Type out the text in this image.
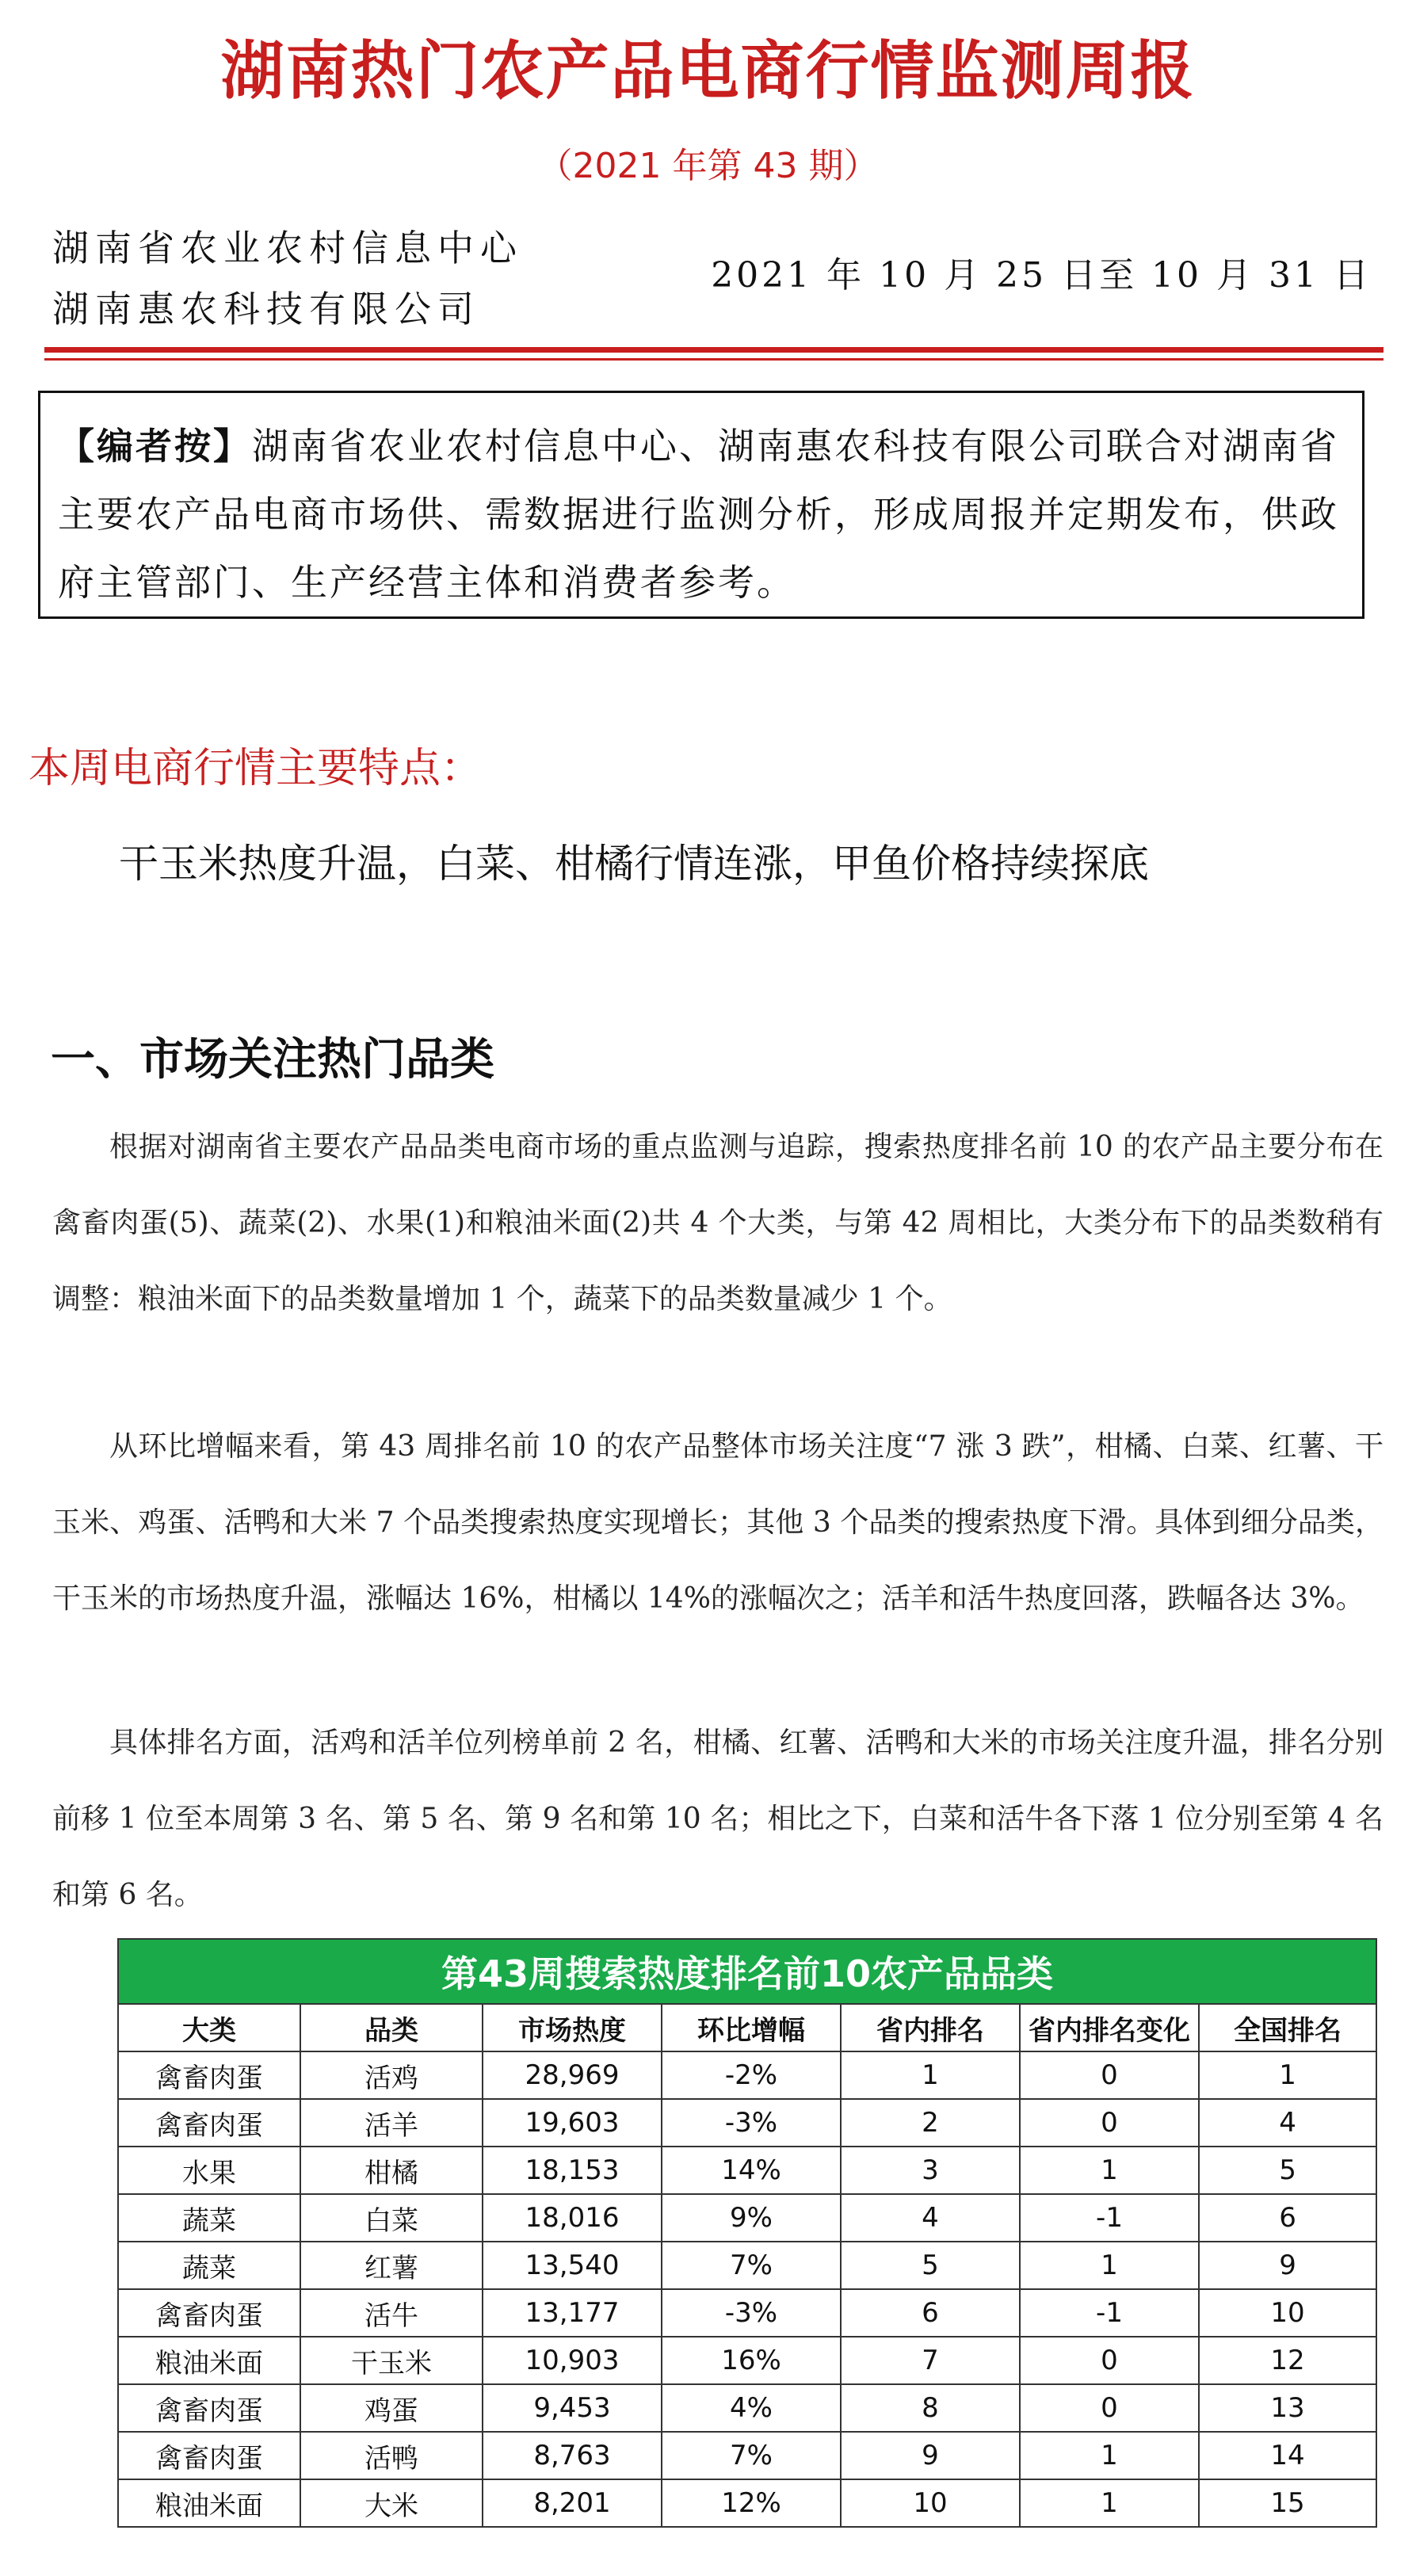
湖南热门农产品电商行情监测周报
（2021 年第 43 期）
湖南省农业农村信息中心
湖南惠农科技有限公司
2021 年 10 月 25 日至 10 月 31 日
【编者按】湖南省农业农村信息中心、湖南惠农科技有限公司联合对湖南省主要农产品电商市场供、需数据进行监测分析，形成周报并定期发布，供政府主管部门、生产经营主体和消费者参考。
本周电商行情主要特点：
干玉米热度升温，白菜、柑橘行情连涨，甲鱼价格持续探底
一、市场关注热门品类
根据对湖南省主要农产品品类电商市场的重点监测与追踪，搜索热度排名前 10 的农产品主要分布在禽畜肉蛋(5)、蔬菜(2)、水果(1)和粮油米面(2)共 4 个大类，与第 42 周相比，大类分布下的品类数稍有调整：粮油米面下的品类数量增加 1 个，蔬菜下的品类数量减少 1 个。
从环比增幅来看，第 43 周排名前 10 的农产品整体市场关注度“7 涨 3 跌”，柑橘、白菜、红薯、干玉米、鸡蛋、活鸭和大米 7 个品类搜索热度实现增长；其他 3 个品类的搜索热度下滑。具体到细分品类，干玉米的市场热度升温，涨幅达 16%，柑橘以 14%的涨幅次之；活羊和活牛热度回落，跌幅各达 3%。
具体排名方面，活鸡和活羊位列榜单前 2 名，柑橘、红薯、活鸭和大米的市场关注度升温，排名分别前移 1 位至本周第 3 名、第 5 名、第 9 名和第 10 名；相比之下，白菜和活牛各下落 1 位分别至第 4 名和第 6 名。
第43周搜索热度排名前10农产品品类						
大类	品类	市场热度	环比增幅	省内排名	省内排名变化	全国排名
禽畜肉蛋	活鸡	28,969	-2%	1	0	1
禽畜肉蛋	活羊	19,603	-3%	2	0	4
水果	柑橘	18,153	14%	3	1	5
蔬菜	白菜	18,016	9%	4	-1	6
蔬菜	红薯	13,540	7%	5	1	9
禽畜肉蛋	活牛	13,177	-3%	6	-1	10
粮油米面	干玉米	10,903	16%	7	0	12
禽畜肉蛋	鸡蛋	9,453	4%	8	0	13
禽畜肉蛋	活鸭	8,763	7%	9	1	14
粮油米面	大米	8,201	12%	10	1	15
